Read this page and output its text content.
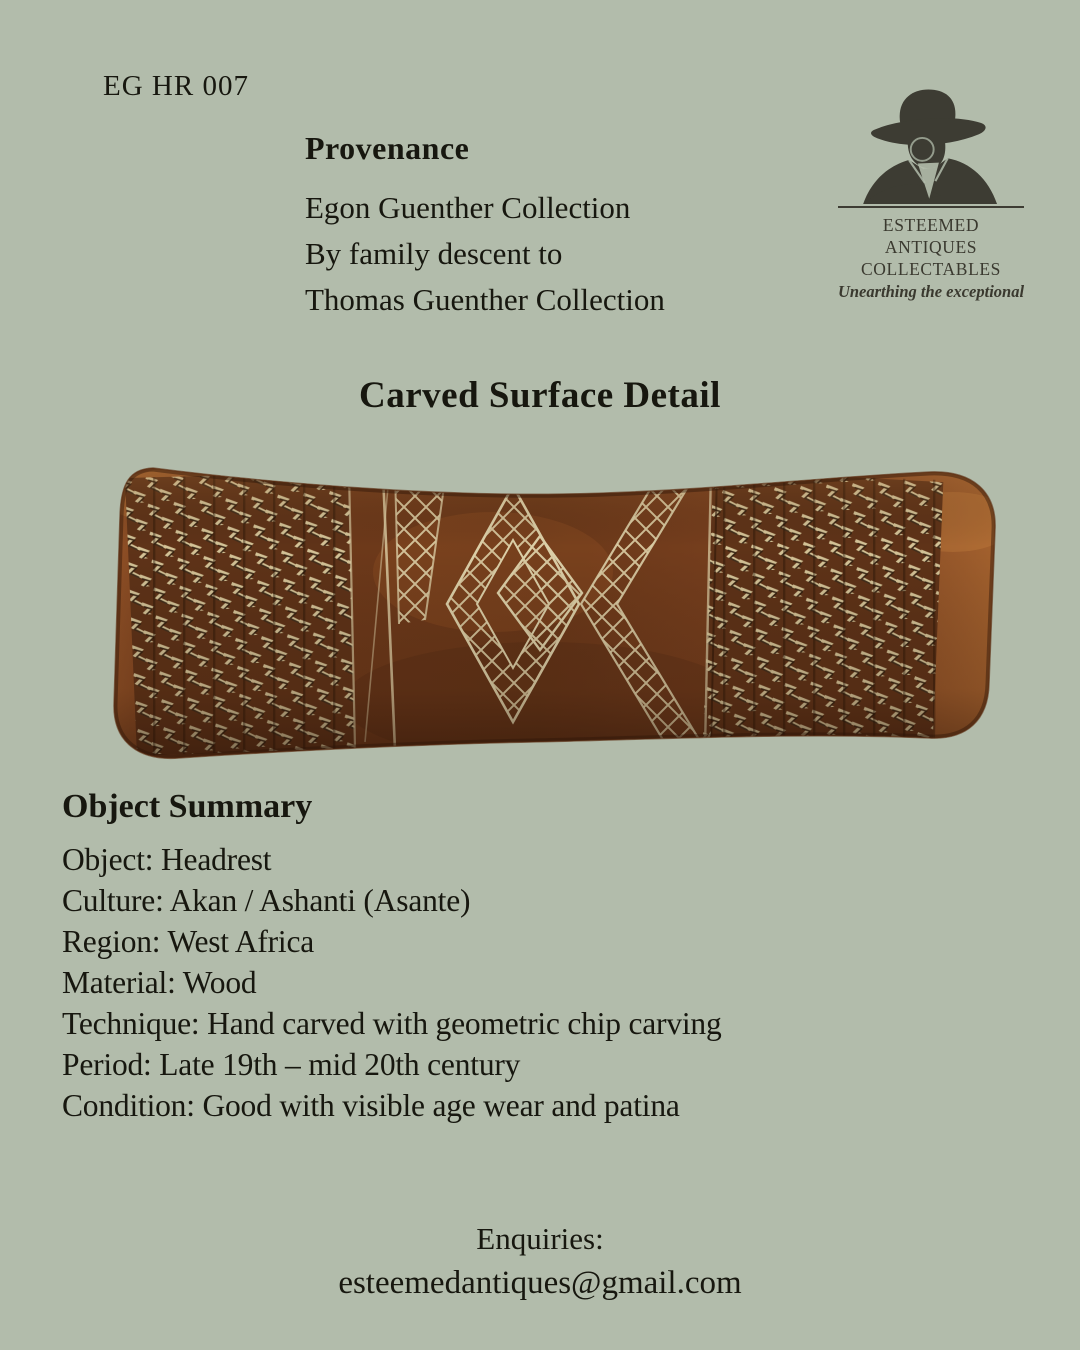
EG HR 007
Provenance
Egon Guenther Collection
By family descent to
Thomas Guenther Collection
ESTEEMED ANTIQUES
COLLECTABLES
Unearthing the exceptional
Carved Surface Detail
Object Summary
Object: Headrest
Culture: Akan / Ashanti (Asante)
Region: West Africa
Material: Wood
Technique: Hand carved with geometric chip carving
Period: Late 19th – mid 20th century
Condition: Good with visible age wear and patina
Enquiries:
esteemedantiques@gmail.com
